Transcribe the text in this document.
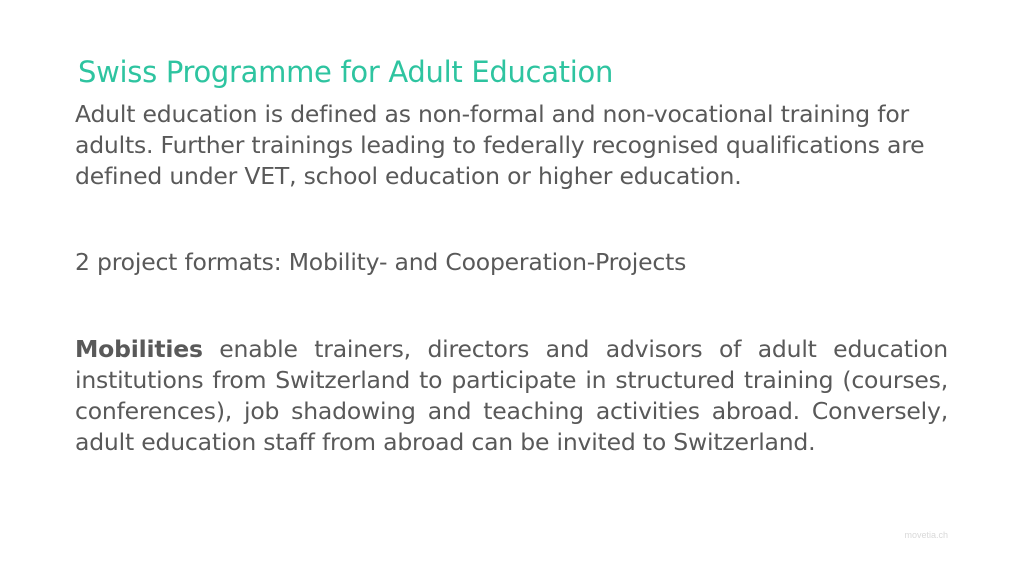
Swiss Programme for Adult Education
Adult education is defined as non-formal and non-vocational training for adults. Further trainings leading to federally recognised qualifications are defined under VET, school education or higher education.
2 project formats: Mobility- and Cooperation-Projects
Mobilities enable trainers, directors and advisors of adult education institutions from Switzerland to participate in structured training (courses, conferences), job shadowing and teaching activities abroad. Conversely, adult education staff from abroad can be invited to Switzerland.
movetia.ch
